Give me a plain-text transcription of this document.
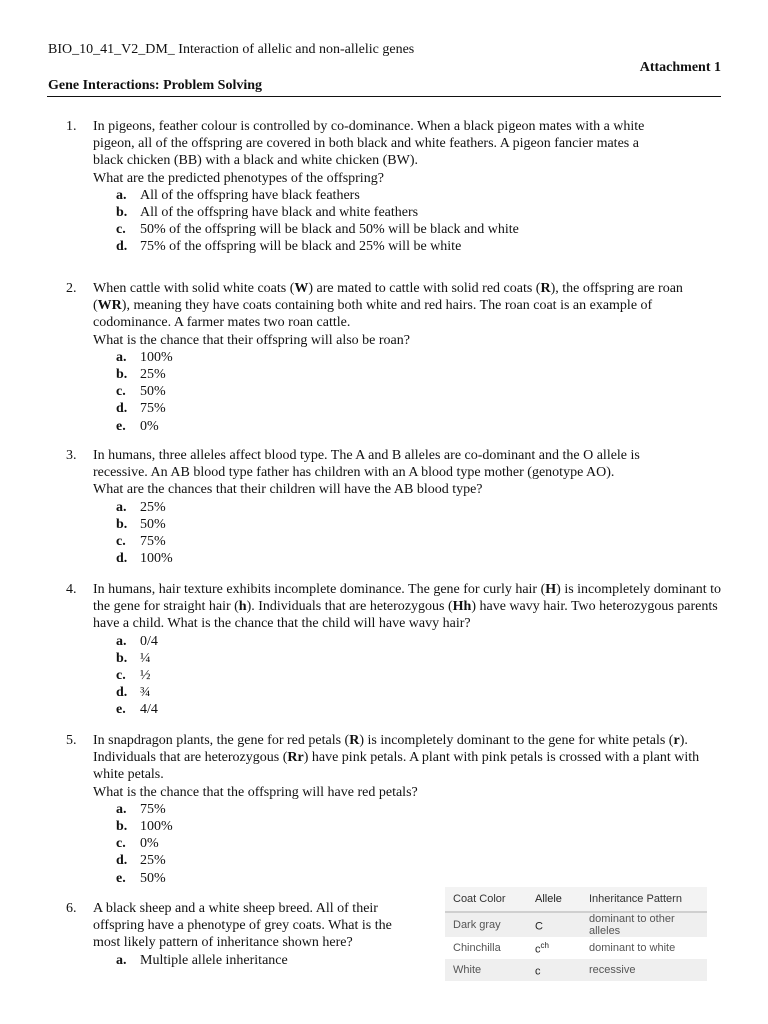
BIO_10_41_V2_DM_ Interaction of allelic and non-allelic genes
Attachment 1
Gene Interactions: Problem Solving
1.	In pigeons, feather colour is controlled by co-dominance. When a black pigeon mates with a white

pigeon, all of the offspring are covered in both black and white feathers. A pigeon fancier mates a

black chicken (BB) with a black and white chicken (BW).

What are the predicted phenotypes of the offspring?

a. All of the offspring have black feathers
b. All of the offspring have black and white feathers
c. 50% of the offspring will be black and 50% will be black and white
d. 75% of the offspring will be black and 25% will be white
2.	When cattle with solid white coats (W) are mated to cattle with solid red coats (R), the offspring are roan (WR), meaning they have coats containing both white and red hairs. The roan coat is an example of codominance. A farmer mates two roan cattle.

What is the chance that their offspring will also be roan?

a. 100%
b. 25%
c. 50%
d. 75%
e. 0%
3.	In humans, three alleles affect blood type. The A and B alleles are co-dominant and the O allele is

recessive. An AB blood type father has children with an A blood type mother (genotype AO).

What are the chances that their children will have the AB blood type?

a. 25%
b. 50%
c. 75%
d. 100%
4.	In humans, hair texture exhibits incomplete dominance. The gene for curly hair (H) is incompletely dominant to the gene for straight hair (h). Individuals that are heterozygous (Hh) have wavy hair. Two heterozygous parents have a child. What is the chance that the child will have wavy hair?

a. 0/4
b. ¼
c. ½
d. ¾
e. 4/4
5.	In snapdragon plants, the gene for red petals (R) is incompletely dominant to the gene for white petals (r). Individuals that are heterozygous (Rr) have pink petals. A plant with pink petals is crossed with a plant with white petals.

What is the chance that the offspring will have red petals?

a. 75%
b. 100%
c. 0%
d. 25%
e. 50%
6.	A black sheep and a white sheep breed. All of their

offspring have a phenotype of grey coats. What is the

most likely pattern of inheritance shown here?

a. Multiple allele inheritance
Coat Color	Allele	Inheritance Pattern
Dark gray	C	dominant to other alleles
Chinchilla	$c^{ch}$	dominant to white
White	c	recessive
